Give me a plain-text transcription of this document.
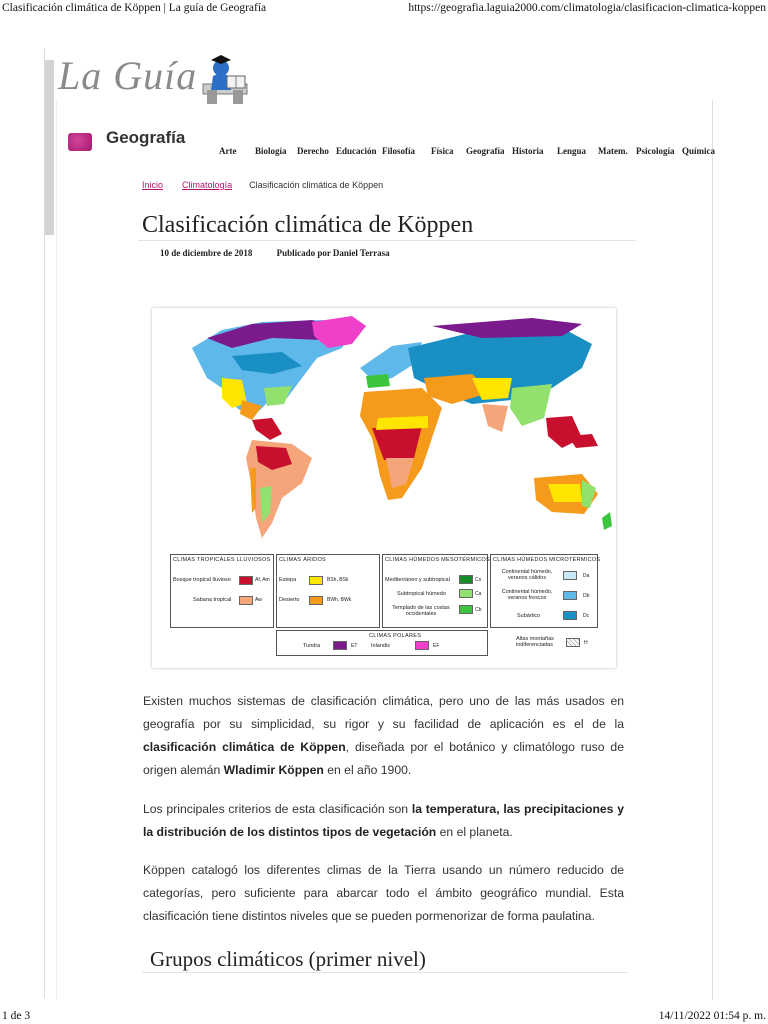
Clasificación climática de Köppen | La guía de Geografía	https://geografia.laguia2000.com/climatologia/clasificacion-climatica-koppen
La Guía
Geografía
Arte Biología Derecho Educación Filosofía Física Geografía Historia Lengua Matem. Psicología Química
Inicio Climatología Clasificación climática de Köppen
Clasificación climática de Köppen
10 de diciembre de 2018	Publicado por Daniel Terrasa
CLIMAS TROPICALES LLUVIOSOS
Bosque tropical lluvioso	Af, Am
Sabana tropical	Aw
CLIMAS ÁRIDOS
Estepa	BSh, BSk
Desierto	BWh, BWk
CLIMAS HÚMEDOS MESOTÉRMICOS
Mediterráneo y subtropical	Cs
Subtropical húmedo	Ca
Templado de las costas occidentales
Cb
CLIMAS HÚMEDOS MICROTÉRMICOS
Continental húmedo, veranos cálidos	Da
Continental húmedo, veranos frescos	Db
Subártico	Dc
CLIMAS POLARES
Tundra	ET Inlandis	EF
Altas montañas indiferenciadas	H

Existen muchos sistemas de clasificación climática, pero uno de las más usados en geografía por su simplicidad, su rigor y su facilidad de aplicación es el de la clasificación climática de Köppen, diseñada por el botánico y climatólogo ruso de origen alemán Wladimir Köppen en el año 1900.

Los principales criterios de esta clasificación son la temperatura, las precipitaciones y la distribución de los distintos tipos de vegetación en el planeta.

Köppen catalogó los diferentes climas de la Tierra usando un número reducido de categorías, pero suficiente para abarcar todo el ámbito geográfico mundial. Esta clasificación tiene distintos niveles que se pueden pormenorizar de forma paulatina.

Grupos climáticos (primer nivel)
1 de 3	14/11/2022 01:54 p. m.
